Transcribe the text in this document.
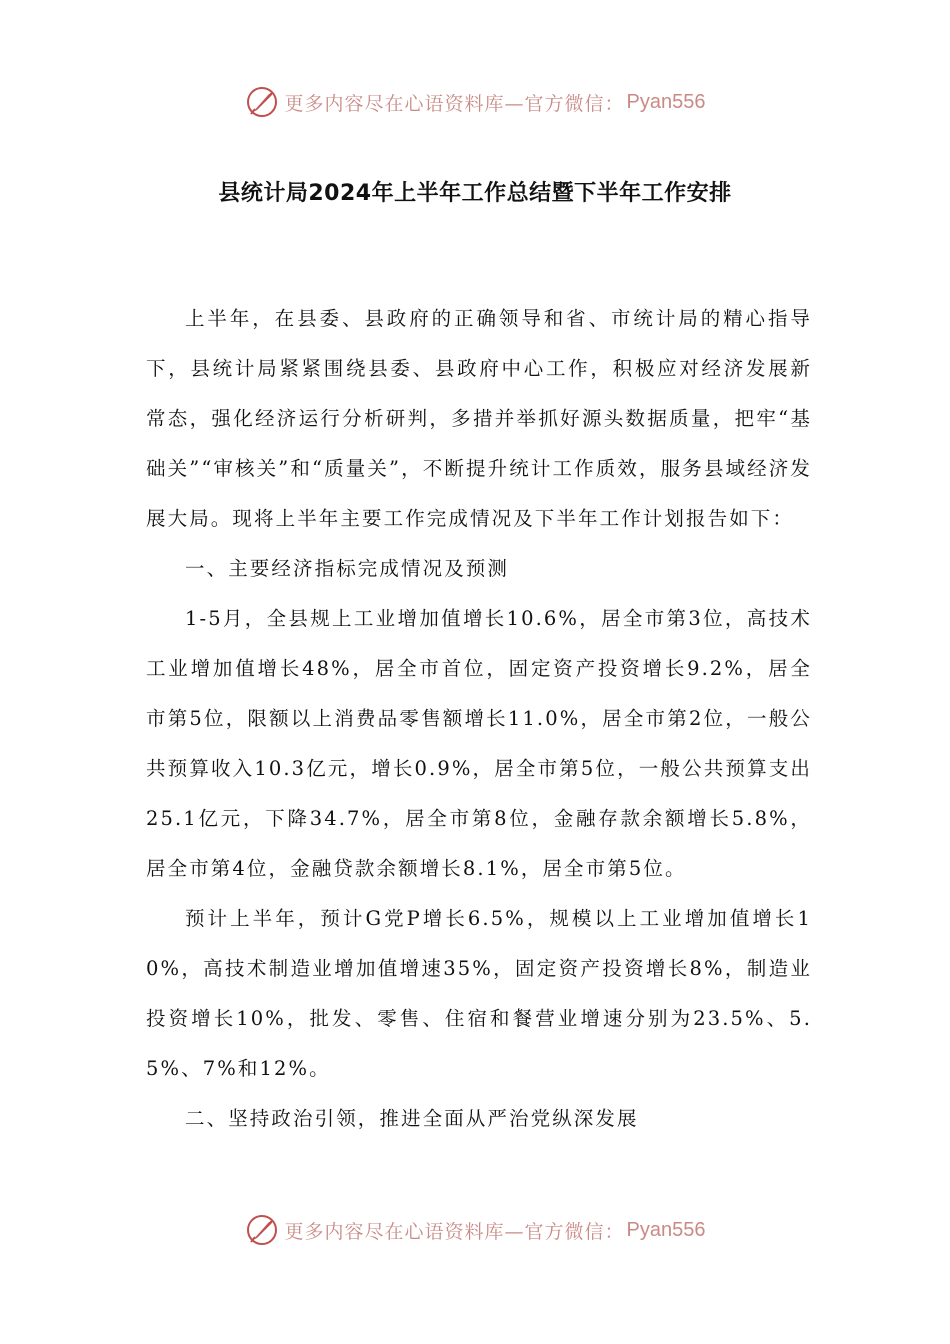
更多内容尽在心语资料库—官方微信： Pyan556
县统计局2024年上半年工作总结暨下半年工作安排

上半年，在县委、县政府的正确领导和省、市统计局的精心指导下，县统计局紧紧围绕县委、县政府中心工作，积极应对经济发展新常态，强化经济运行分析研判，多措并举抓好源头数据质量，把牢“基础关”“审核关”和“质量关”，不断提升统计工作质效，服务县域经济发展大局。现将上半年主要工作完成情况及下半年工作计划报告如下：

一、主要经济指标完成情况及预测

1-5月，全县规上工业增加值增长10.6%，居全市第3位，高技术工业增加值增长48%，居全市首位，固定资产投资增长9.2%，居全市第5位，限额以上消费品零售额增长11.0%，居全市第2位，一般公共预算收入10.3亿元，增长0.9%，居全市第5位，一般公共预算支出25.1亿元，下降34.7%，居全市第8位，金融存款余额增长5.8%，居全市第4位，金融贷款余额增长8.1%，居全市第5位。

预计上半年，预计G党P增长6.5%，规模以上工业增加值增长10%，高技术制造业增加值增速35%，固定资产投资增长8%，制造业投资增长10%，批发、零售、住宿和餐营业增速分别为23.5%、5.5%、7%和12%。

二、坚持政治引领，推进全面从严治党纵深发展

更多内容尽在心语资料库—官方微信： Pyan556
